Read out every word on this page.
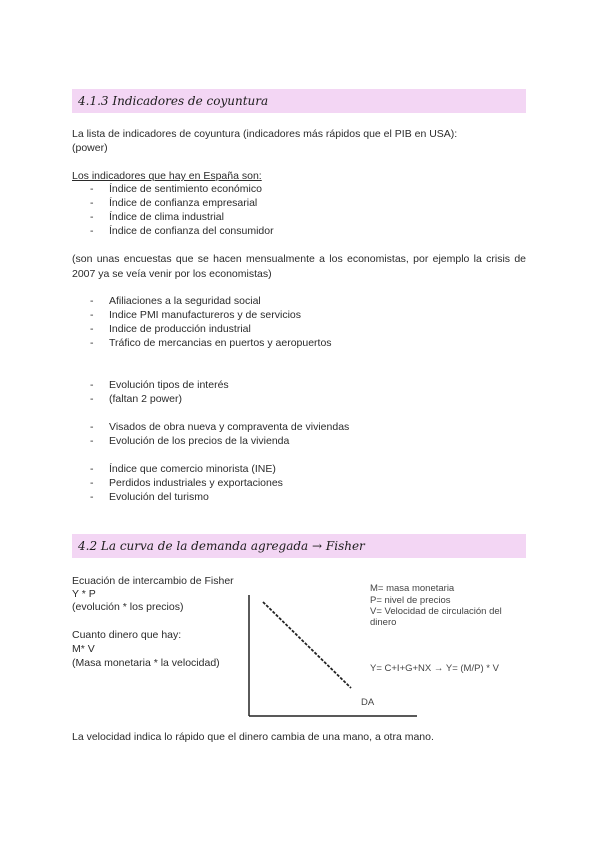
4.1.3 Indicadores de coyuntura
La lista de indicadores de coyuntura (indicadores más rápidos que el PIB en USA):
(power)
Los indicadores que hay en España son:
- Índice de sentimiento económico
- Índice de confianza empresarial
- Índice de clima industrial
- Índice de confianza del consumidor
(son unas encuestas que se hacen mensualmente a los economistas, por ejemplo la crisis de 2007 ya se veía venir por los economistas)
- Afiliaciones a la seguridad social
- Indice PMI manufactureros y de servicios
- Indice de producción industrial
- Tráfico de mercancias en puertos y aeropuertos
- Evolución tipos de interés
- (faltan 2 power)
- Visados de obra nueva y compraventa de viviendas
- Evolución de los precios de la vivienda
- Índice que comercio minorista (INE)
- Perdidos industriales y exportaciones
- Evolución del turismo
4.2 La curva de la demanda agregada → Fisher
Ecuación de intercambio de Fisher
Y * P
(evolución * los precios)
Cuanto dinero que hay:
M* V
(Masa monetaria * la velocidad)
M= masa monetaria
P= nivel de precios
V= Velocidad de circulación del
dinero
Y= C+I+G+NX → Y= (M/P) * V
DA
La velocidad indica lo rápido que el dinero cambia de una mano, a otra mano.
